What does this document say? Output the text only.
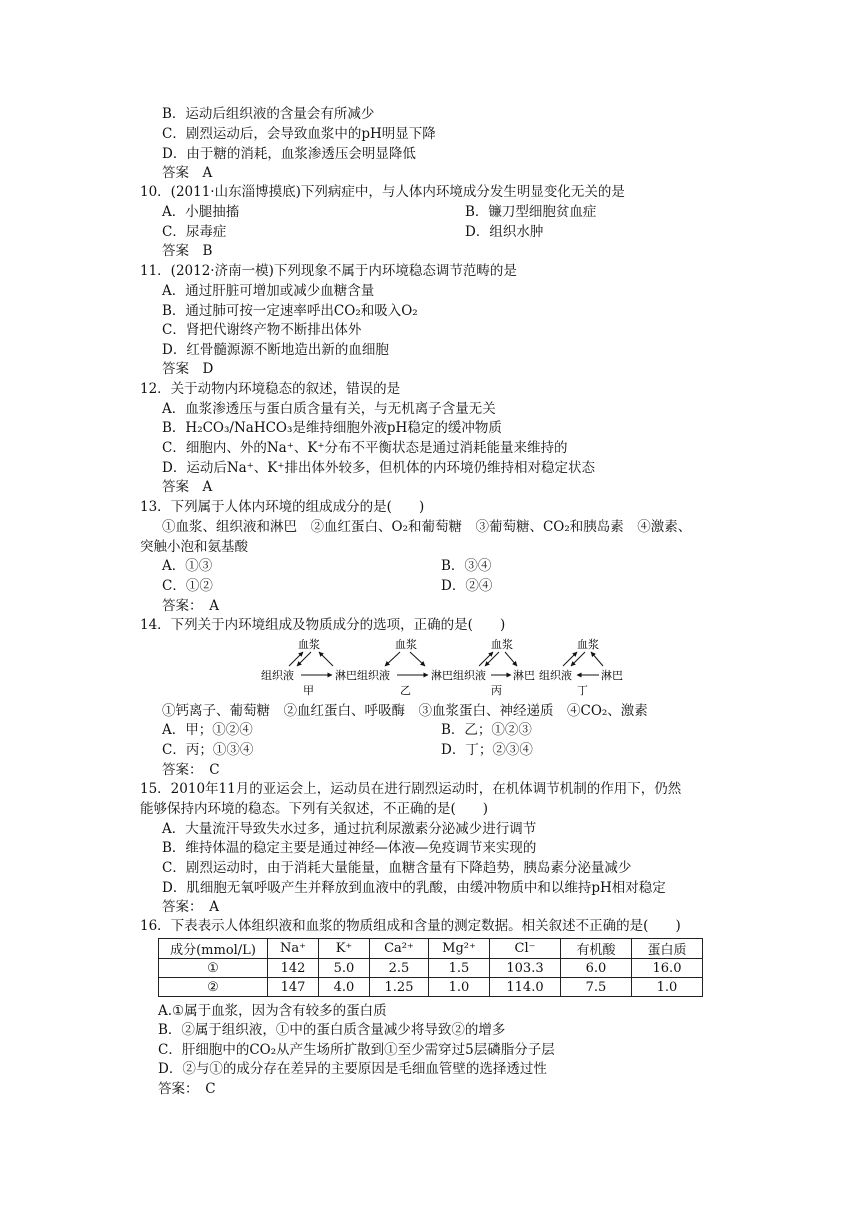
B．运动后组织液的含量会有所减少
C．剧烈运动后，会导致血浆中的pH明显下降
D．由于糖的消耗，血浆渗透压会明显降低
答案　A
10．(2011·山东淄博摸底)下列病症中，与人体内环境成分发生明显变化无关的是
A．小腿抽搐	B．镰刀型细胞贫血症
C．尿毒症	D．组织水肿
答案　B
11．(2012·济南一模)下列现象不属于内环境稳态调节范畴的是
A．通过肝脏可增加或减少血糖含量
B．通过肺可按一定速率呼出CO₂和吸入O₂
C．肾把代谢终产物不断排出体外
D．红骨髓源源不断地造出新的血细胞
答案　D
12．关于动物内环境稳态的叙述，错误的是
A．血浆渗透压与蛋白质含量有关，与无机离子含量无关
B．H₂CO₃/NaHCO₃是维持细胞外液pH稳定的缓冲物质
C．细胞内、外的Na⁺、K⁺分布不平衡状态是通过消耗能量来维持的
D．运动后Na⁺、K⁺排出体外较多，但机体的内环境仍维持相对稳定状态
答案　A
13．下列属于人体内环境的组成成分的是(　　)
①血浆、组织液和淋巴　②血红蛋白、O₂和葡萄糖　③葡萄糖、CO₂和胰岛素　④激素、
突触小泡和氨基酸
A．①③	B．③④
C．①②	D．②④
答案：　A
14．下列关于内环境组成及物质成分的选项，正确的是(　　)
血浆
组织液	淋巴
甲
血浆
组织液	淋巴
乙
血浆
组织液 淋巴
丙
血浆
组织液	淋巴
丁
①钙离子、葡萄糖　②血红蛋白、呼吸酶　③血浆蛋白、神经递质　④CO₂、激素
A．甲；①②④	B．乙；①②③
C．丙；①③④	D．丁；②③④
答案：　C
15．2010年11月的亚运会上，运动员在进行剧烈运动时，在机体调节机制的作用下，仍然
能够保持内环境的稳态。下列有关叙述，不正确的是(　　)
A．大量流汗导致失水过多，通过抗利尿激素分泌减少进行调节
B．维持体温的稳定主要是通过神经—体液—免疫调节来实现的
C．剧烈运动时，由于消耗大量能量，血糖含量有下降趋势，胰岛素分泌量减少
D．肌细胞无氧呼吸产生并释放到血液中的乳酸，由缓冲物质中和以维持pH相对稳定
答案：　A
16．下表表示人体组织液和血浆的物质组成和含量的测定数据。相关叙述不正确的是(　　)
成分(mmol/L)	Na⁺	K⁺	Ca²⁺	Mg²⁺	Cl⁻	有机酸	蛋白质
①	142	5.0	2.5	1.5	103.3	6.0	16.0
②	147	4.0	1.25	1.0	114.0	7.5	1.0
A.①属于血浆，因为含有较多的蛋白质
B．②属于组织液，①中的蛋白质含量减少将导致②的增多
C．肝细胞中的CO₂从产生场所扩散到①至少需穿过5层磷脂分子层
D．②与①的成分存在差异的主要原因是毛细血管壁的选择透过性
答案：　C
